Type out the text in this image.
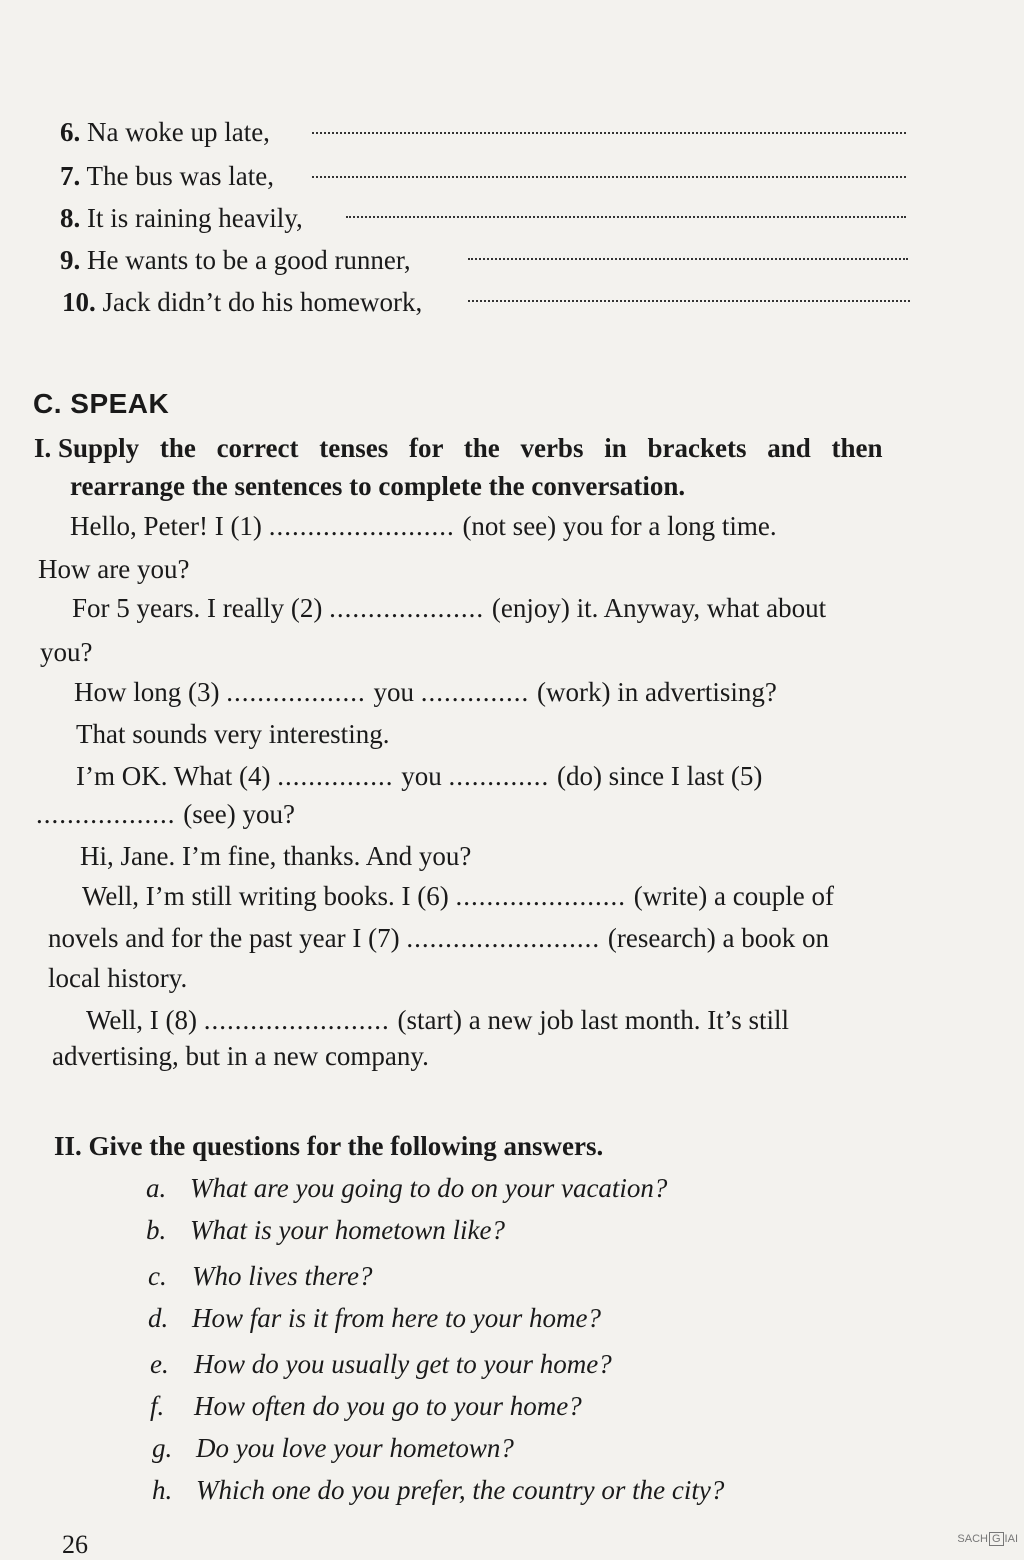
6. Na woke up late,
7. The bus was late,
8. It is raining heavily,
9. He wants to be a good runner,
10. Jack didn’t do his homework,
C. SPEAK
I. Supply the correct tenses for the verbs in brackets and then
rearrange the sentences to complete the conversation.
Hello, Peter! I (1) ........................ (not see) you for a long time.
How are you?
For 5 years. I really (2) .................... (enjoy) it. Anyway, what about
you?
How long (3) .................. you .............. (work) in advertising?
That sounds very interesting.
I’m OK. What (4) ............... you ............. (do) since I last (5)
.................. (see) you?
Hi, Jane. I’m fine, thanks. And you?
Well, I’m still writing books. I (6) ...................... (write) a couple of
novels and for the past year I (7) ......................... (research) a book on
local history.
Well, I (8) ........................ (start) a new job last month. It’s still
advertising, but in a new company.
II. Give the questions for the following answers.
a. What are you going to do on your vacation?
b. What is your hometown like?
c. Who lives there?
d. How far is it from here to your home?
e. How do you usually get to your home?
f. How often do you go to your home?
g. Do you love your hometown?
h. Which one do you prefer, the country or the city?
26	SACH G IAI
